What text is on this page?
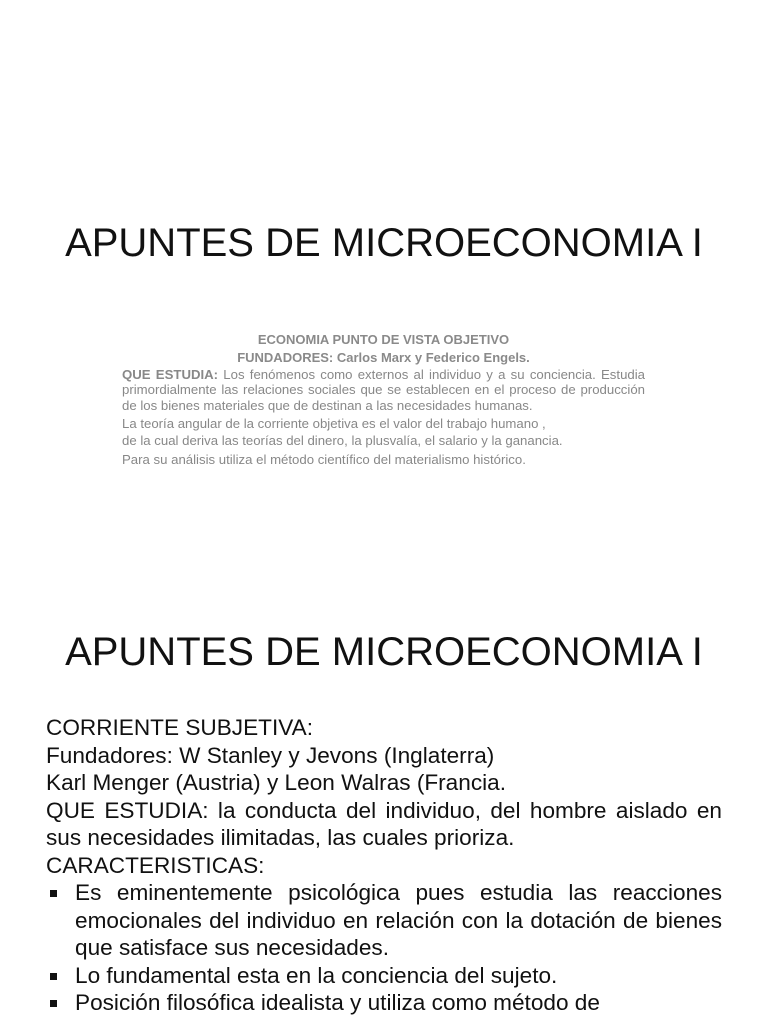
APUNTES DE MICROECONOMIA I
ECONOMIA PUNTO DE VISTA OBJETIVO
FUNDADORES: Carlos Marx y Federico Engels.

QUE ESTUDIA: Los fenómenos como externos al individuo y a su conciencia. Estudia primordialmente las relaciones sociales que se establecen en el proceso de producción de los bienes materiales que de destinan a las necesidades humanas.

La teoría angular de la corriente objetiva es el valor del trabajo humano ,

de la cual deriva las teorías del dinero, la plusvalía, el salario y la ganancia.

Para su análisis utiliza el método científico del materialismo histórico.

APUNTES DE MICROECONOMIA I

CORRIENTE SUBJETIVA:

Fundadores: W Stanley y Jevons (Inglaterra)

Karl Menger (Austria) y Leon Walras (Francia.

QUE ESTUDIA: la conducta del individuo, del hombre aislado en sus necesidades ilimitadas, las cuales prioriza.

CARACTERISTICAS:

Es eminentemente psicológica pues estudia las reacciones emocionales del individuo en relación con la dotación de bienes que satisface sus necesidades.
Lo fundamental esta en la conciencia del sujeto.
Posición filosófica idealista y utiliza como método de
